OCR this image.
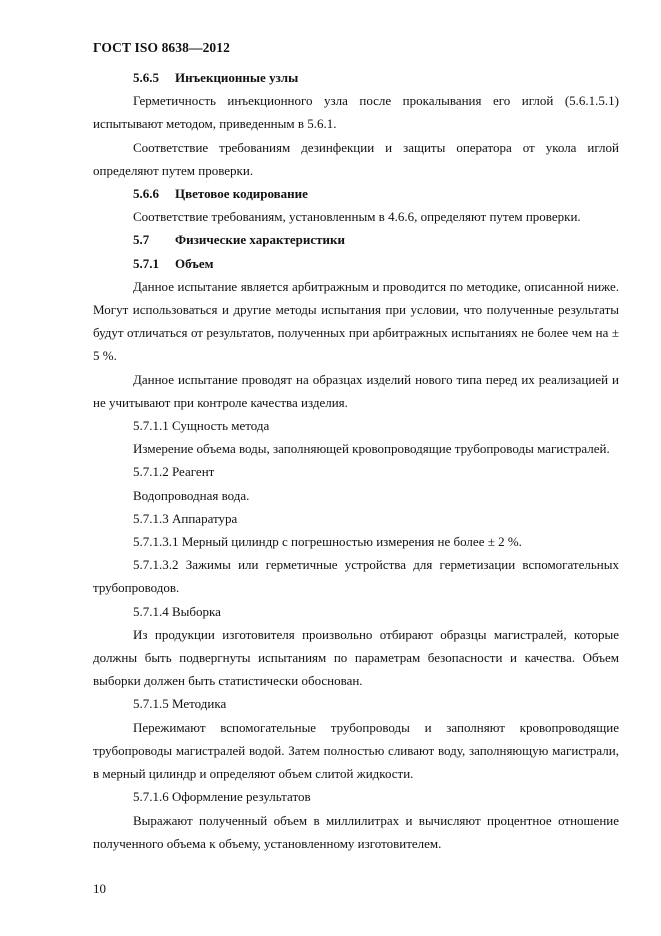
ГОСТ ISO 8638—2012

5.6.5 Инъекционные узлы

Герметичность инъекционного узла после прокалывания его иглой (5.6.1.5.1) испытывают методом, приведенным в 5.6.1.

Соответствие требованиям дезинфекции и защиты оператора от укола иглой определяют путем проверки.

5.6.6 Цветовое кодирование

Соответствие требованиям, установленным в 4.6.6, определяют путем проверки.

5.7 Физические характеристики

5.7.1 Объем

Данное испытание является арбитражным и проводится по методике, описанной ниже. Могут использоваться и другие методы испытания при условии, что полученные результаты будут отличаться от результатов, полученных при арбитражных испытаниях не более чем на ± 5 %.

Данное испытание проводят на образцах изделий нового типа перед их реализацией и не учитывают при контроле качества изделия.

5.7.1.1 Сущность метода

Измерение объема воды, заполняющей кровопроводящие трубопроводы магистралей.

5.7.1.2 Реагент

Водопроводная вода.

5.7.1.3 Аппаратура

5.7.1.3.1 Мерный цилиндр с погрешностью измерения не более ± 2 %.

5.7.1.3.2 Зажимы или герметичные устройства для герметизации вспомогательных трубопроводов.

5.7.1.4 Выборка

Из продукции изготовителя произвольно отбирают образцы магистралей, которые должны быть подвергнуты испытаниям по параметрам безопасности и качества. Объем выборки должен быть статистически обоснован.

5.7.1.5 Методика

Пережимают вспомогательные трубопроводы и заполняют кровопроводящие трубопроводы магистралей водой. Затем полностью сливают воду, заполняющую магистрали, в мерный цилиндр и определяют объем слитой жидкости.

5.7.1.6 Оформление результатов

Выражают полученный объем в миллилитрах и вычисляют процентное отношение полученного объема к объему, установленному изготовителем.

10
